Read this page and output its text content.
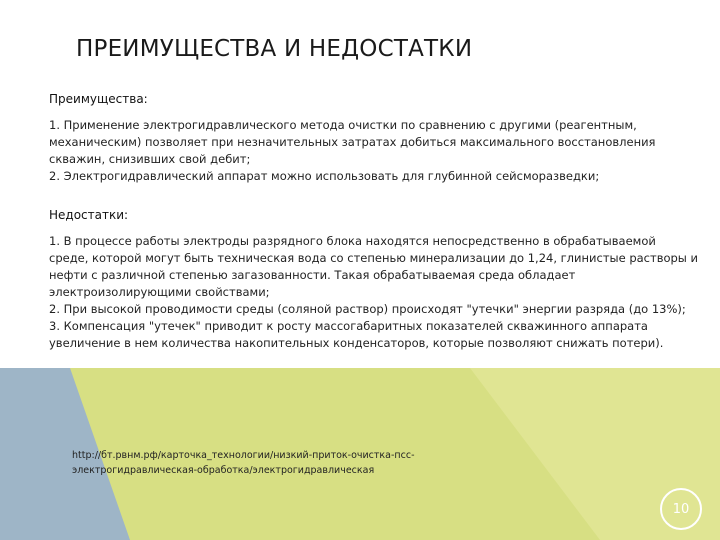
ПРЕИМУЩЕСТВА И НЕДОСТАТКИ
Преимущества:
1. Применение электрогидравлического метода очистки по сравнению с другими (реагентным,
механическим) позволяет при незначительных затратах добиться максимального восстановления
скважин, снизивших свой дебит;
2. Электрогидравлический аппарат можно использовать для глубинной сейсморазведки;
Недостатки:
1. В процессе работы электроды разрядного блока находятся непосредственно в обрабатываемой
среде, которой могут быть техническая вода со степенью минерализации до 1,24, глинистые растворы и
нефти с различной степенью загазованности. Такая обрабатываемая среда обладает
электроизолирующими свойствами;
2. При высокой проводимости среды (соляной раствор) происходят "утечки" энергии разряда (до 13%);
3. Компенсация "утечек" приводит к росту массогабаритных показателей скважинного аппарата
увеличение в нем количества накопительных конденсаторов, которые позволяют снижать потери).
http://бт.рвнм.рф/карточка_технологии/низкий-приток-очистка-псс-
электрогидравлическая-обработка/электрогидравлическая
10
